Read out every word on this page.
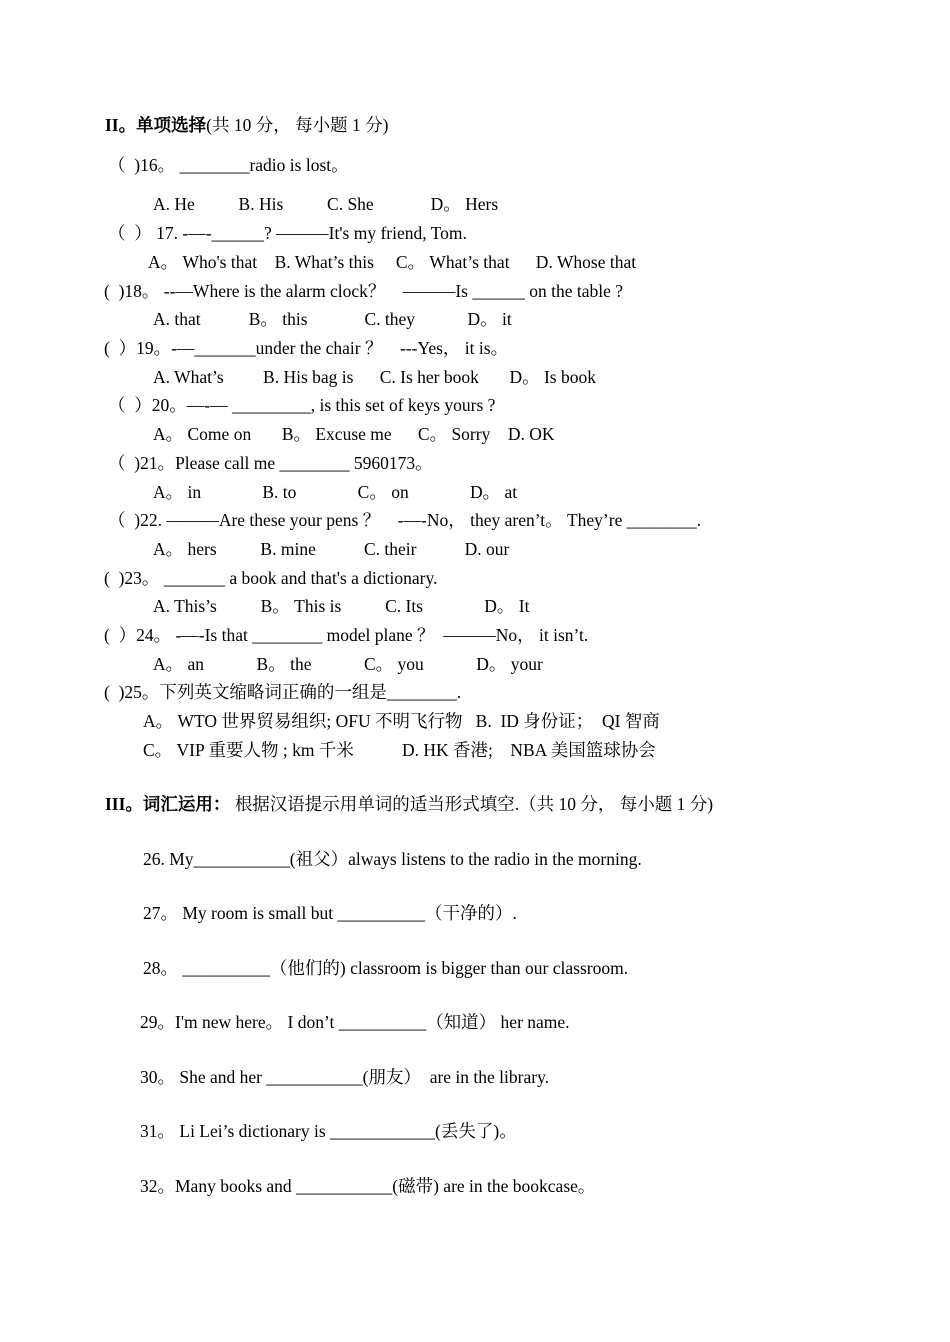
II。单项选择(共 10 分， 每小题 1 分)
（  )16。 ________radio is lost。
A. He          B. His          C. She             D。 Hers
（  ） 17. -—-______? ———It's my friend, Tom.
A。 Who's that    B. What’s this     C。 What’s that      D. Whose that
(  )18。 --—Where is the alarm clock？    ———Is ______ on the table ?
A. that           B。 this             C. they            D。 it
(  ）19。-—_______under the chair ？    ---Yes， it is。
A. What’s         B. His bag is      C. Is her book       D。 Is book
（  ）20。—-— _________, is this set of keys yours ?
A。 Come on       B。 Excuse me      C。 Sorry    D. OK
（  )21。Please call me ________ 5960173。
A。 in              B. to              C。 on              D。 at
（  )22. ———Are these your pens ？    -—-No， they aren’t。 They’re ________.
A。 hers          B. mine           C. their           D. our
(  )23。 _______ a book and that's a dictionary.
A. This’s          B。 This is          C. Its              D。 It
(  ）24。 -—-Is that ________ model plane ？  ———No， it isn’t.
A。 an            B。 the            C。 you            D。 your
(  )25。下列英文缩略词正确的一组是________.
A。 WTO 世界贸易组织; OFU 不明飞行物   B.  ID 身份证；  QI 智商
C。 VIP 重要人物 ; km 千米           D. HK 香港;    NBA 美国篮球协会
III。词汇运用： 根据汉语提示用单词的适当形式填空.（共 10 分， 每小题 1 分)
26. My___________(祖父）always listens to the radio in the morning.
27。 My room is small but __________（干净的）.
28。 __________（他们的) classroom is bigger than our classroom.
29。I'm new here。 I don’t __________（知道） her name.
30。 She and her ___________(朋友）  are in the library.
31。 Li Lei’s dictionary is ____________(丢失了)。
32。Many books and ___________(磁带) are in the bookcase。
